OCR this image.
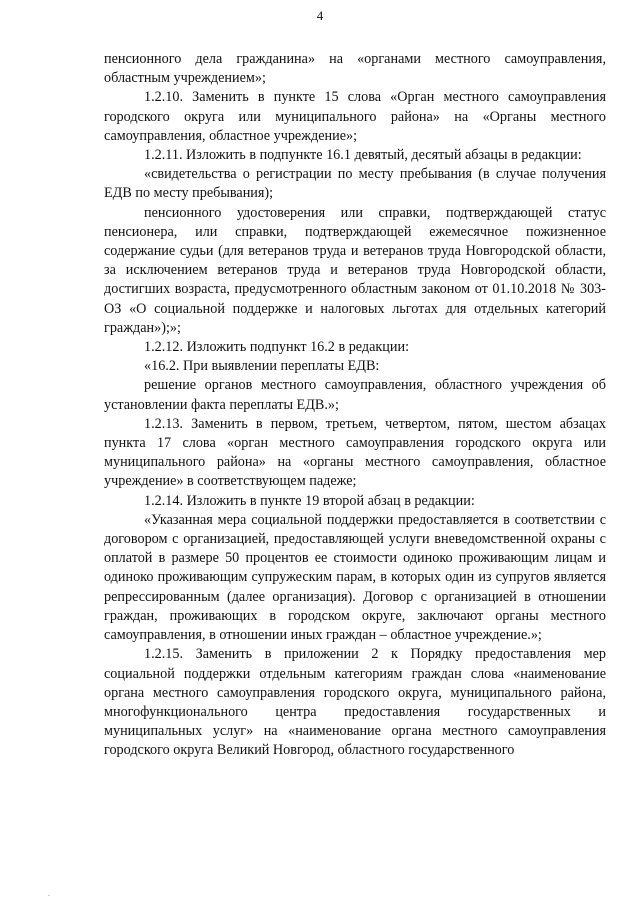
4

пенсионного дела гражданина» на «органами местного самоуправления, областным учреждением»;

1.2.10. Заменить в пункте 15 слова «Орган местного самоуправления городского округа или муниципального района» на «Органы местного самоуправления, областное учреждение»;

1.2.11. Изложить в подпункте 16.1 девятый, десятый абзацы в редакции:

«свидетельства о регистрации по месту пребывания (в случае получения ЕДВ по месту пребывания);

пенсионного удостоверения или справки, подтверждающей статус пенсионера, или справки, подтверждающей ежемесячное пожизненное содержание судьи (для ветеранов труда и ветеранов труда Новгородской области, за исключением ветеранов труда и ветеранов труда Новгородской области, достигших возраста, предусмотренного областным законом от 01.10.2018 № 303-ОЗ «О социальной поддержке и налоговых льготах для отдельных категорий граждан»);»;

1.2.12. Изложить подпункт 16.2 в редакции:

«16.2. При выявлении переплаты ЕДВ:

решение органов местного самоуправления, областного учреждения об установлении факта переплаты ЕДВ.»;

1.2.13. Заменить в первом, третьем, четвертом, пятом, шестом абзацах пункта 17 слова «орган местного самоуправления городского округа или муниципального района» на «органы местного самоуправления, областное учреждение» в соответствующем падеже;

1.2.14. Изложить в пункте 19 второй абзац в редакции:

«Указанная мера социальной поддержки предоставляется в соответствии с договором с организацией, предоставляющей услуги вневедомственной охраны с оплатой в размере 50 процентов ее стоимости одиноко проживающим лицам и одиноко проживающим супружеским парам, в которых один из супругов является репрессированным (далее организация). Договор с организацией в отношении граждан, проживающих в городском округе, заключают органы местного самоуправления, в отношении иных граждан – областное учреждение.»;

1.2.15. Заменить в приложении 2 к Порядку предоставления мер социальной поддержки отдельным категориям граждан слова «наименование органа местного самоуправления городского округа, муниципального района, многофункционального центра предоставления государственных и муниципальных услуг» на «наименование органа местного самоуправления городского округа Великий Новгород, областного государственного
